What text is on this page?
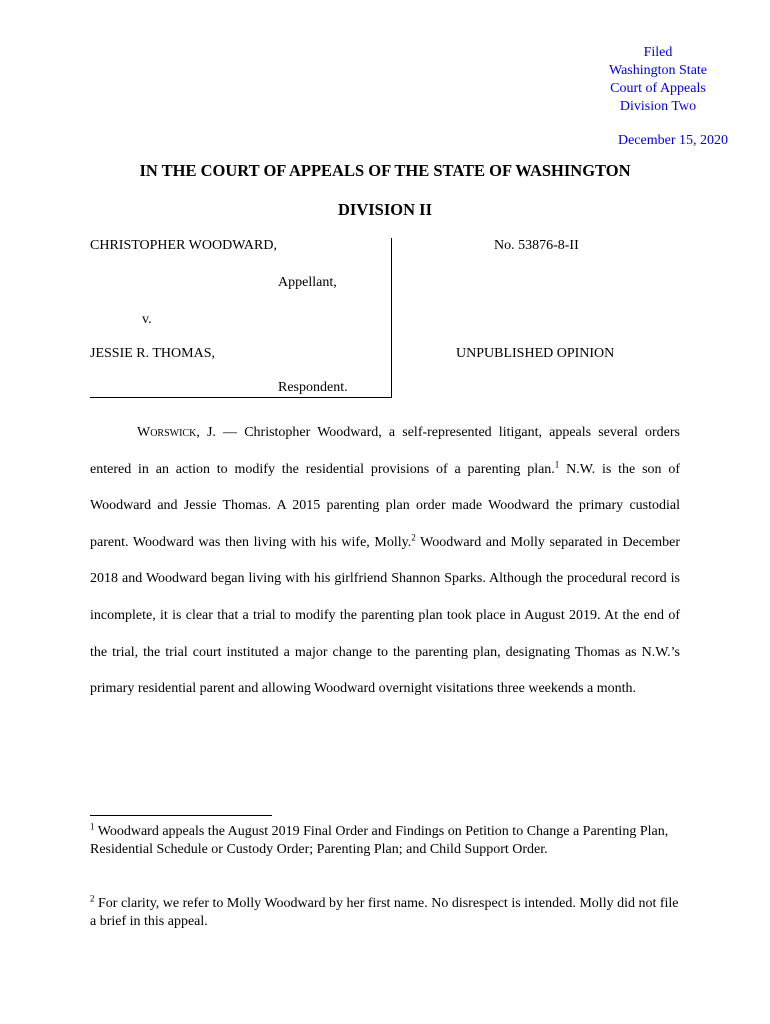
Filed
Washington State
Court of Appeals
Division Two
December 15, 2020
IN THE COURT OF APPEALS OF THE STATE OF WASHINGTON
DIVISION II
CHRISTOPHER WOODWARD,
Appellant,
v.
JESSIE R. THOMAS,
Respondent.
No. 53876-8-II
UNPUBLISHED OPINION

Worswick, J. — Christopher Woodward, a self-represented litigant, appeals several orders entered in an action to modify the residential provisions of a parenting plan.$^1$ N.W. is the son of Woodward and Jessie Thomas. A 2015 parenting plan order made Woodward the primary custodial parent. Woodward was then living with his wife, Molly.$^2$ Woodward and Molly separated in December 2018 and Woodward began living with his girlfriend Shannon Sparks. Although the procedural record is incomplete, it is clear that a trial to modify the parenting plan took place in August 2019. At the end of the trial, the trial court instituted a major change to the parenting plan, designating Thomas as N.W.’s primary residential parent and allowing Woodward overnight visitations three weekends a month.

$^1$ Woodward appeals the August 2019 Final Order and Findings on Petition to Change a Parenting Plan, Residential Schedule or Custody Order; Parenting Plan; and Child Support Order.
$^2$ For clarity, we refer to Molly Woodward by her first name. No disrespect is intended. Molly did not file a brief in this appeal.
